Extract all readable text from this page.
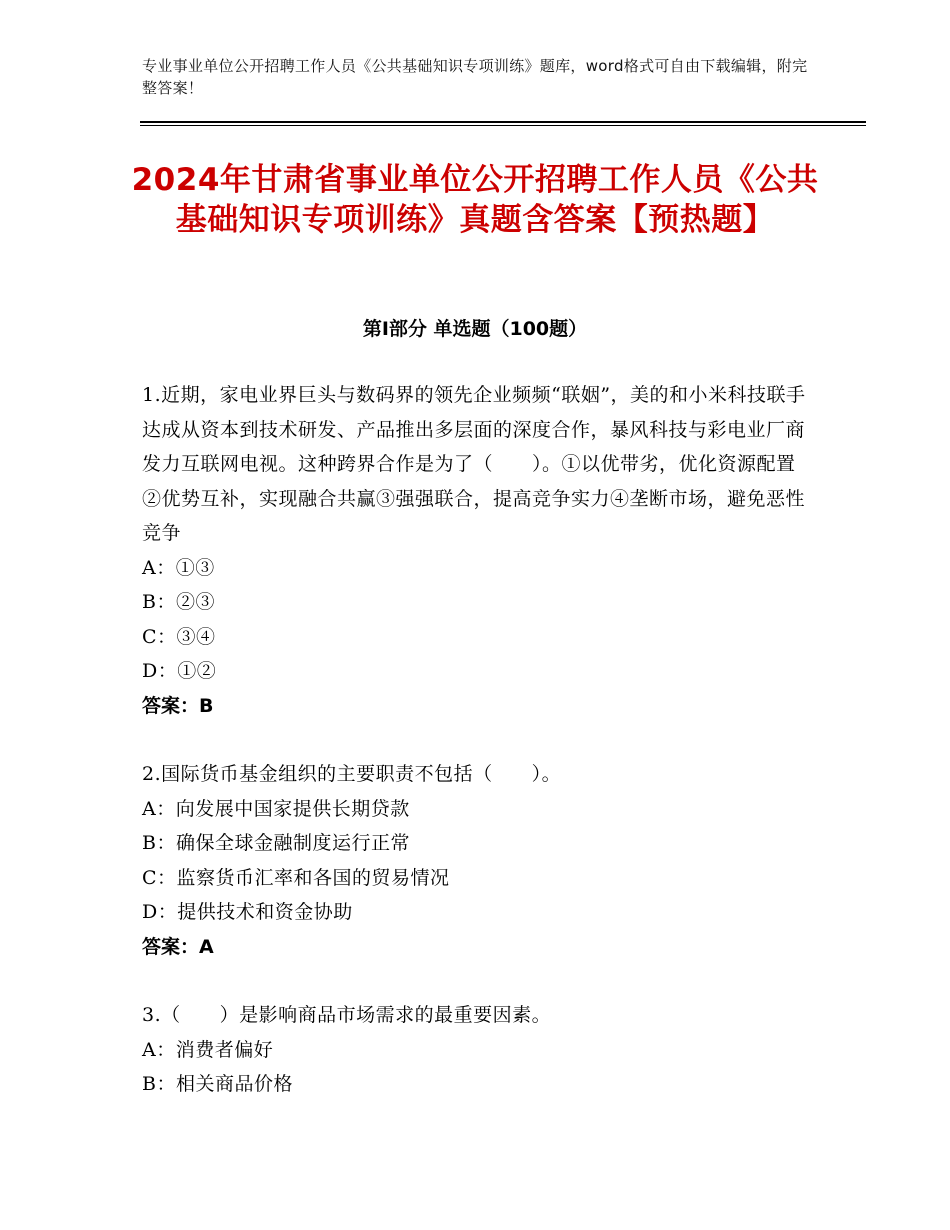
专业事业单位公开招聘工作人员《公共基础知识专项训练》题库，word格式可自由下载编辑，附完整答案！
2024年甘肃省事业单位公开招聘工作人员《公共基础知识专项训练》真题含答案【预热题】
第Ⅰ部分 单选题（100题）
1.近期，家电业界巨头与数码界的领先企业频频“联姻”，美的和小米科技联手达成从资本到技术研发、产品推出多层面的深度合作，暴风科技与彩电业厂商发力互联网电视。这种跨界合作是为了（　　）。①以优带劣，优化资源配置②优势互补，实现融合共赢③强强联合，提高竞争实力④垄断市场，避免恶性竞争
A：①③
B：②③
C：③④
D：①②
答案：B
2.国际货币基金组织的主要职责不包括（　　）。
A：向发展中国家提供长期贷款
B：确保全球金融制度运行正常
C：监察货币汇率和各国的贸易情况
D：提供技术和资金协助
答案：A
3.（　　）是影响商品市场需求的最重要因素。
A：消费者偏好
B：相关商品价格
